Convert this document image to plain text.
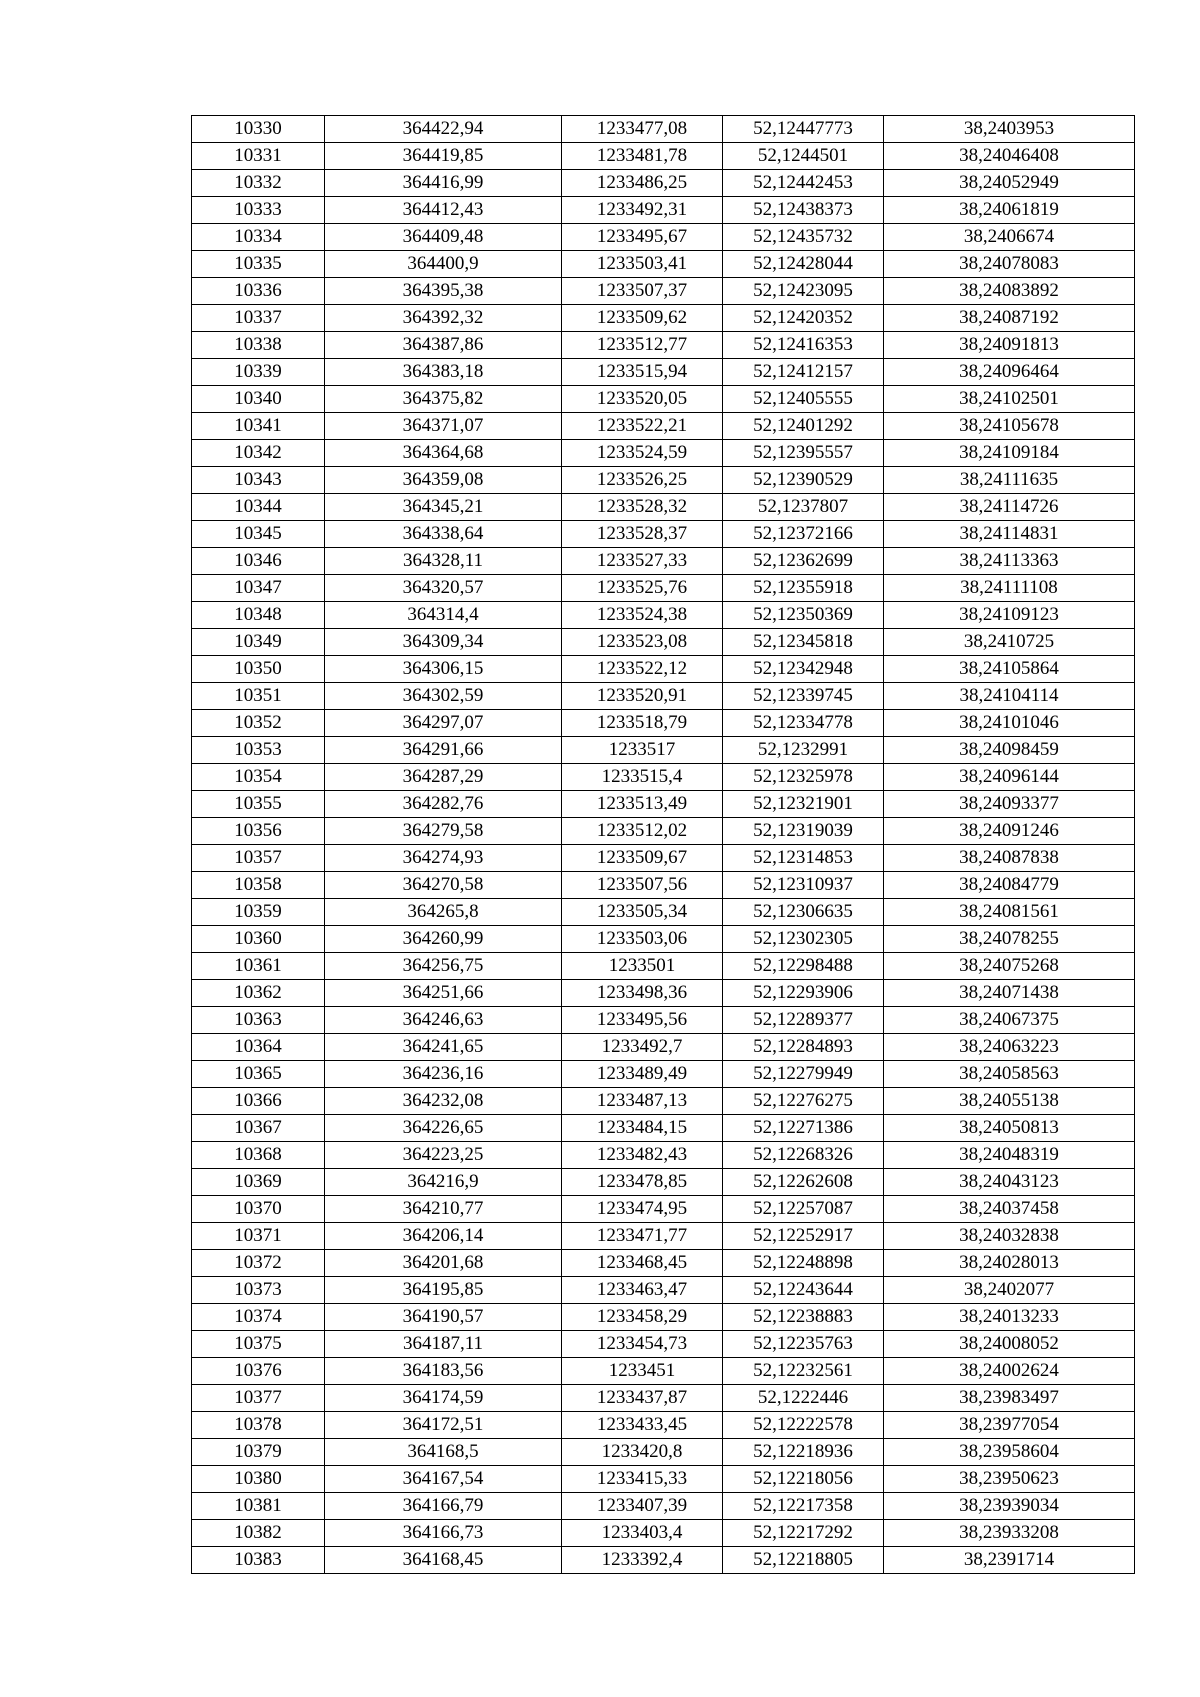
10330	364422,94	1233477,08	52,12447773	38,2403953
10331	364419,85	1233481,78	52,1244501	38,24046408
10332	364416,99	1233486,25	52,12442453	38,24052949
10333	364412,43	1233492,31	52,12438373	38,24061819
10334	364409,48	1233495,67	52,12435732	38,2406674
10335	364400,9	1233503,41	52,12428044	38,24078083
10336	364395,38	1233507,37	52,12423095	38,24083892
10337	364392,32	1233509,62	52,12420352	38,24087192
10338	364387,86	1233512,77	52,12416353	38,24091813
10339	364383,18	1233515,94	52,12412157	38,24096464
10340	364375,82	1233520,05	52,12405555	38,24102501
10341	364371,07	1233522,21	52,12401292	38,24105678
10342	364364,68	1233524,59	52,12395557	38,24109184
10343	364359,08	1233526,25	52,12390529	38,24111635
10344	364345,21	1233528,32	52,1237807	38,24114726
10345	364338,64	1233528,37	52,12372166	38,24114831
10346	364328,11	1233527,33	52,12362699	38,24113363
10347	364320,57	1233525,76	52,12355918	38,24111108
10348	364314,4	1233524,38	52,12350369	38,24109123
10349	364309,34	1233523,08	52,12345818	38,2410725
10350	364306,15	1233522,12	52,12342948	38,24105864
10351	364302,59	1233520,91	52,12339745	38,24104114
10352	364297,07	1233518,79	52,12334778	38,24101046
10353	364291,66	1233517	52,1232991	38,24098459
10354	364287,29	1233515,4	52,12325978	38,24096144
10355	364282,76	1233513,49	52,12321901	38,24093377
10356	364279,58	1233512,02	52,12319039	38,24091246
10357	364274,93	1233509,67	52,12314853	38,24087838
10358	364270,58	1233507,56	52,12310937	38,24084779
10359	364265,8	1233505,34	52,12306635	38,24081561
10360	364260,99	1233503,06	52,12302305	38,24078255
10361	364256,75	1233501	52,12298488	38,24075268
10362	364251,66	1233498,36	52,12293906	38,24071438
10363	364246,63	1233495,56	52,12289377	38,24067375
10364	364241,65	1233492,7	52,12284893	38,24063223
10365	364236,16	1233489,49	52,12279949	38,24058563
10366	364232,08	1233487,13	52,12276275	38,24055138
10367	364226,65	1233484,15	52,12271386	38,24050813
10368	364223,25	1233482,43	52,12268326	38,24048319
10369	364216,9	1233478,85	52,12262608	38,24043123
10370	364210,77	1233474,95	52,12257087	38,24037458
10371	364206,14	1233471,77	52,12252917	38,24032838
10372	364201,68	1233468,45	52,12248898	38,24028013
10373	364195,85	1233463,47	52,12243644	38,2402077
10374	364190,57	1233458,29	52,12238883	38,24013233
10375	364187,11	1233454,73	52,12235763	38,24008052
10376	364183,56	1233451	52,12232561	38,24002624
10377	364174,59	1233437,87	52,1222446	38,23983497
10378	364172,51	1233433,45	52,12222578	38,23977054
10379	364168,5	1233420,8	52,12218936	38,23958604
10380	364167,54	1233415,33	52,12218056	38,23950623
10381	364166,79	1233407,39	52,12217358	38,23939034
10382	364166,73	1233403,4	52,12217292	38,23933208
10383	364168,45	1233392,4	52,12218805	38,2391714
